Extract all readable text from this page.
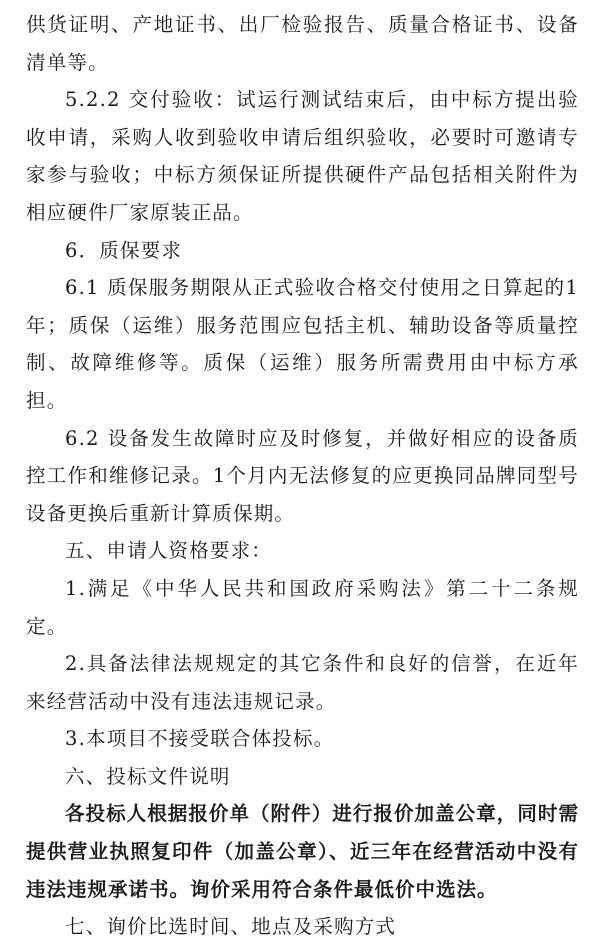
供货证明、产地证书、出厂检验报告、质量合格证书、设备清单等。

5.2.2 交付验收：试运行测试结束后，由中标方提出验收申请，采购人收到验收申请后组织验收，必要时可邀请专家参与验收；中标方须保证所提供硬件产品包括相关附件为相应硬件厂家原装正品。

6．质保要求

6.1 质保服务期限从正式验收合格交付使用之日算起的1年；质保（运维）服务范围应包括主机、辅助设备等质量控制、故障维修等。质保（运维）服务所需费用由中标方承担。

6.2 设备发生故障时应及时修复，并做好相应的设备质控工作和维修记录。1个月内无法修复的应更换同品牌同型号设备更换后重新计算质保期。

五、申请人资格要求：

1.满足《中华人民共和国政府采购法》第二十二条规定。

2.具备法律法规规定的其它条件和良好的信誉，在近年来经营活动中没有违法违规记录。

3.本项目不接受联合体投标。

六、投标文件说明

各投标人根据报价单（附件）进行报价加盖公章，同时需提供营业执照复印件（加盖公章）、近三年在经营活动中没有违法违规承诺书。询价采用符合条件最低价中选法。

七、询价比选时间、地点及采购方式
